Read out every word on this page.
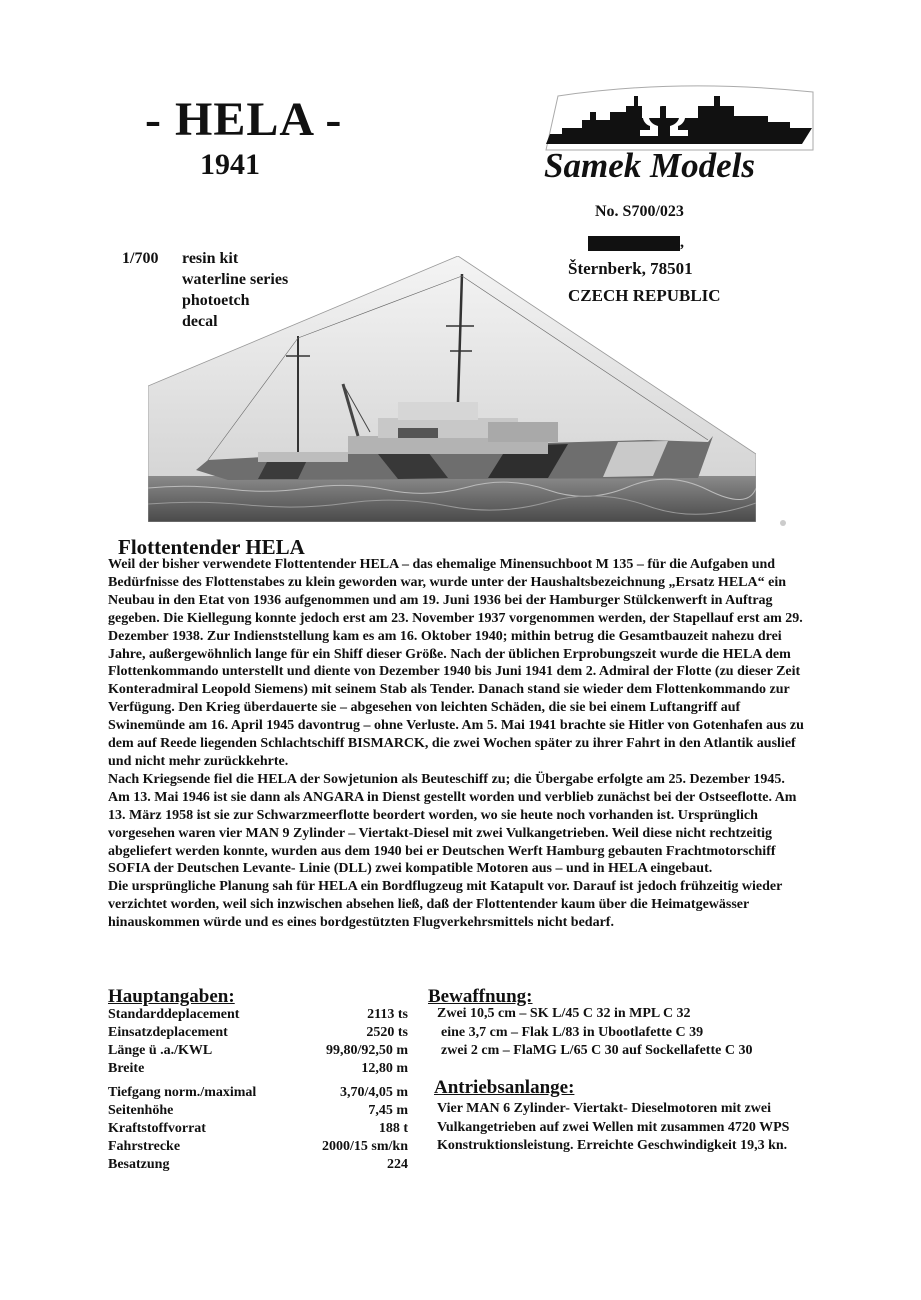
- HELA -
1941	Samek Models
No. S700/023
,
Šternberk, 78501
CZECH REPUBLIC
1/700 resin kit
waterline series
photoetch
decal
Flottentender HELA

Weil der bisher verwendete Flottentender HELA – das ehemalige Minensuchboot M 135 – für die Aufgaben und Bedürfnisse des Flottenstabes zu klein geworden war, wurde unter der Haushaltsbezeichnung „Ersatz HELA“ ein Neubau in den Etat von 1936 aufgenommen und am 19. Juni 1936 bei der Hamburger Stülckenwerft in Auftrag gegeben. Die Kiellegung konnte jedoch erst am 23. November 1937 vorgenommen werden, der Stapellauf erst am 29. Dezember 1938. Zur Indienststellung kam es am 16. Oktober 1940; mithin betrug die Gesamtbauzeit nahezu drei Jahre, außergewöhnlich lange für ein Shiff dieser Größe. Nach der üblichen Erprobungszeit wurde die HELA dem Flottenkommando unterstellt und diente von Dezember 1940 bis Juni 1941 dem 2. Admiral der Flotte (zu dieser Zeit Konteradmiral Leopold Siemens) mit seinem Stab als Tender. Danach stand sie wieder dem Flottenkommando zur Verfügung. Den Krieg überdauerte sie – abgesehen von leichten Schäden, die sie bei einem Luftangriff auf Swinemünde am 16. April 1945 davontrug – ohne Verluste. Am 5. Mai 1941 brachte sie Hitler von Gotenhafen aus zu dem auf Reede liegenden Schlachtschiff BISMARCK, die zwei Wochen später zu ihrer Fahrt in den Atlantik auslief und nicht mehr zurückkehrte.

Nach Kriegsende fiel die HELA der Sowjetunion als Beuteschiff zu; die Übergabe erfolgte am 25. Dezember 1945. Am 13. Mai 1946 ist sie dann als ANGARA in Dienst gestellt worden und verblieb zunächst bei der Ostseeflotte. Am 13. März 1958 ist sie zur Schwarzmeerflotte beordert worden, wo sie heute noch vorhanden ist. Ursprünglich vorgesehen waren vier MAN 9 Zylinder – Viertakt-Diesel mit zwei Vulkangetrieben. Weil diese nicht rechtzeitig abgeliefert werden konnte, wurden aus dem 1940 bei er Deutschen Werft Hamburg gebauten Frachtmotorschiff SOFIA der Deutschen Levante- Linie (DLL) zwei kompatible Motoren aus – und in HELA eingebaut.

Die ursprüngliche Planung sah für HELA ein Bordflugzeug mit Katapult vor. Darauf ist jedoch frühzeitig wieder verzichtet worden, weil sich inzwischen absehen ließ, daß der Flottentender kaum über die Heimatgewässer hinauskommen würde und es eines bordgestützten Flugverkehrsmittels nicht bedarf.

Hauptangaben:
Standarddeplacement	2113 ts
Einsatzdeplacement	2520 ts
Länge ü .a./KWL	99,80/92,50 m
Breite	12,80 m
Tiefgang norm./maximal	3,70/4,05 m
Seitenhöhe	7,45 m
Kraftstoffvorrat	188 t
Fahrstrecke	2000/15 sm/kn
Besatzung	224
Bewaffnung:
Zwei 10,5 cm – SK L/45 C 32 in MPL C 32
eine 3,7 cm – Flak L/83 in Ubootlafette C 39
zwei 2 cm – FlaMG L/65 C 30 auf Sockellafette C 30
Antriebsanlange:
Vier MAN 6 Zylinder- Viertakt- Dieselmotoren mit zwei Vulkangetrieben auf zwei Wellen mit zusammen 4720 WPS Konstruktionsleistung. Erreichte Geschwindigkeit 19,3 kn.
